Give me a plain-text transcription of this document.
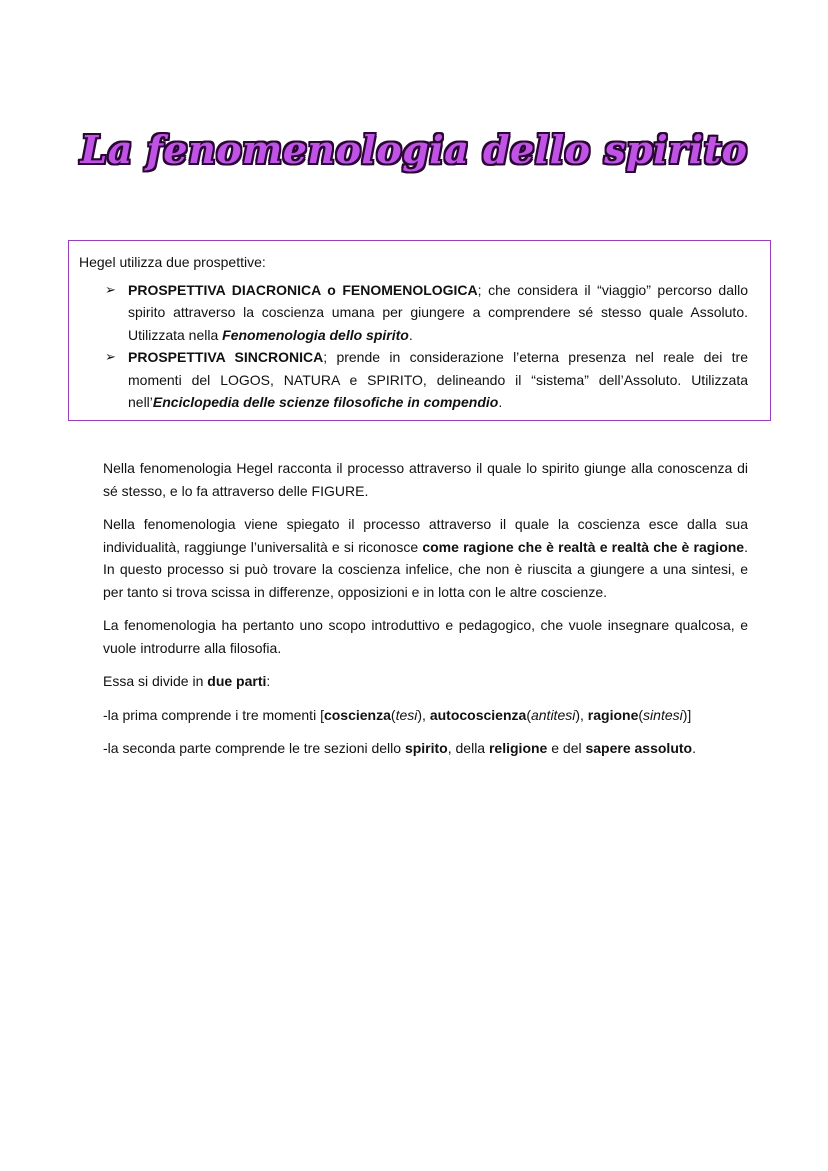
La fenomenologia dello spirito

Hegel utilizza due prospettive:

➢ PROSPETTIVA DIACRONICA o FENOMENOLOGICA; che considera il “viaggio” percorso dallo spirito attraverso la coscienza umana per giungere a comprendere sé stesso quale Assoluto. Utilizzata nella Fenomenologia dello spirito.
➢ PROSPETTIVA SINCRONICA; prende in considerazione l’eterna presenza nel reale dei tre momenti del LOGOS, NATURA e SPIRITO, delineando il “sistema” dell’Assoluto. Utilizzata nell’Enciclopedia delle scienze filosofiche in compendio.

Nella fenomenologia Hegel racconta il processo attraverso il quale lo spirito giunge alla conoscenza di sé stesso, e lo fa attraverso delle FIGURE.

Nella fenomenologia viene spiegato il processo attraverso il quale la coscienza esce dalla sua individualità, raggiunge l’universalità e si riconosce come ragione che è realtà e realtà che è ragione. In questo processo si può trovare la coscienza infelice, che non è riuscita a giungere a una sintesi, e per tanto si trova scissa in differenze, opposizioni e in lotta con le altre coscienze.

La fenomenologia ha pertanto uno scopo introduttivo e pedagogico, che vuole insegnare qualcosa, e vuole introdurre alla filosofia.

Essa si divide in due parti:

-la prima comprende i tre momenti [coscienza(tesi), autocoscienza(antitesi), ragione(sintesi)]

-la seconda parte comprende le tre sezioni dello spirito, della religione e del sapere assoluto.
